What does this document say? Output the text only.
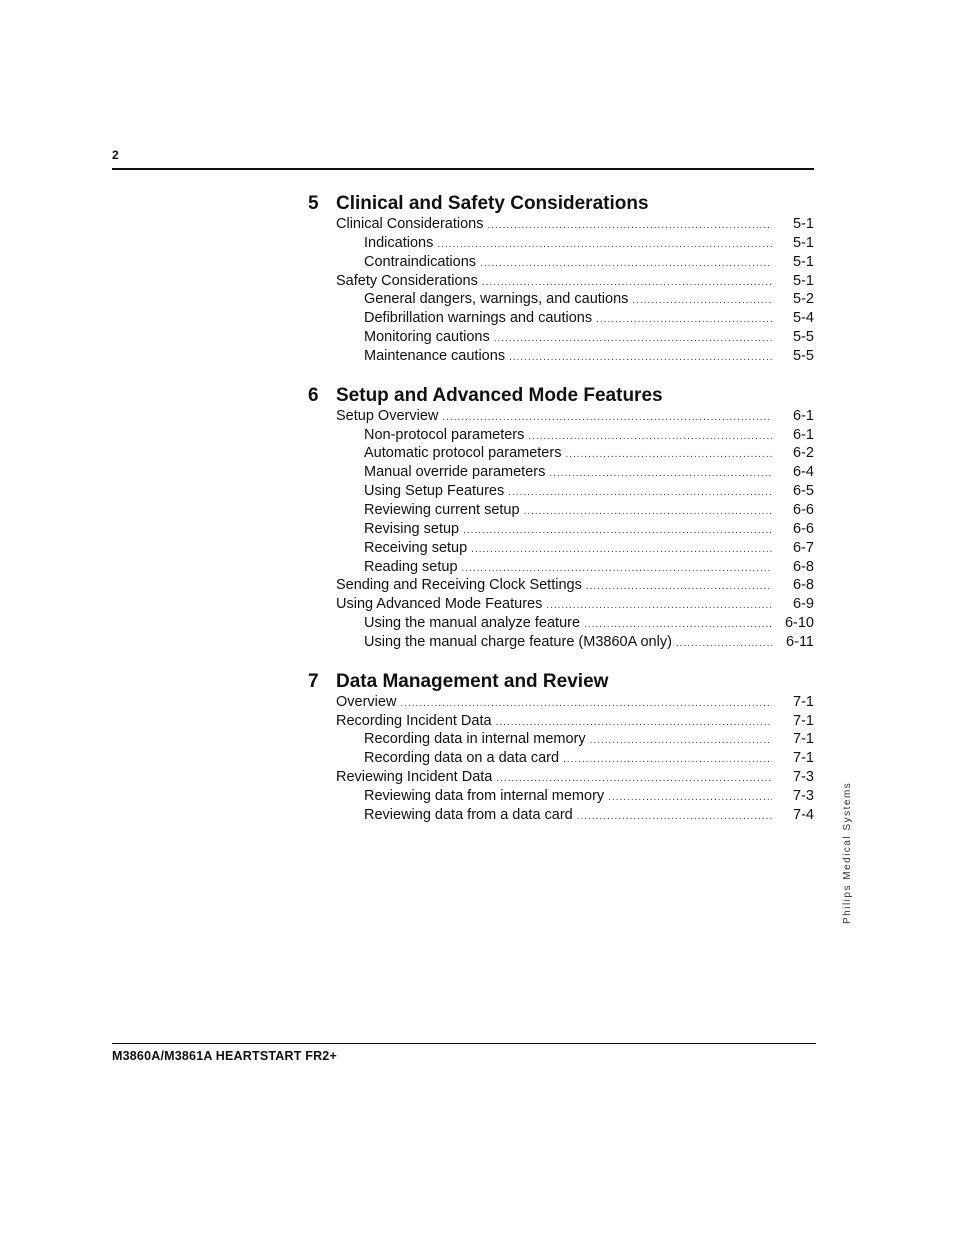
2
5 Clinical and Safety Considerations
Clinical Considerations .....	5-1
Indications .....	5-1
Contraindications .....	5-1
Safety Considerations .....	5-1
General dangers, warnings, and cautions .....	5-2
Defibrillation warnings and cautions .....	5-4
Monitoring cautions .....	5-5
Maintenance cautions .....	5-5
6 Setup and Advanced Mode Features
Setup Overview .....	6-1
Non-protocol parameters .....	6-1
Automatic protocol parameters .....	6-2
Manual override parameters .....	6-4
Using Setup Features .....	6-5
Reviewing current setup .....	6-6
Revising setup .....	6-6
Receiving setup .....	6-7
Reading setup .....	6-8
Sending and Receiving Clock Settings .....	6-8
Using Advanced Mode Features .....	6-9
Using the manual analyze feature .....	6-10
Using the manual charge feature (M3860A only) .....	6-11
7 Data Management and Review
Overview .....	7-1
Recording Incident Data .....	7-1
Recording data in internal memory .....	7-1
Recording data on a data card .....	7-1
Reviewing Incident Data .....	7-3
Reviewing data from internal memory .....	7-3
Reviewing data from a data card .....	7-4
M3860A/M3861A HEARTSTART FR2+
Philips Medical Systems
